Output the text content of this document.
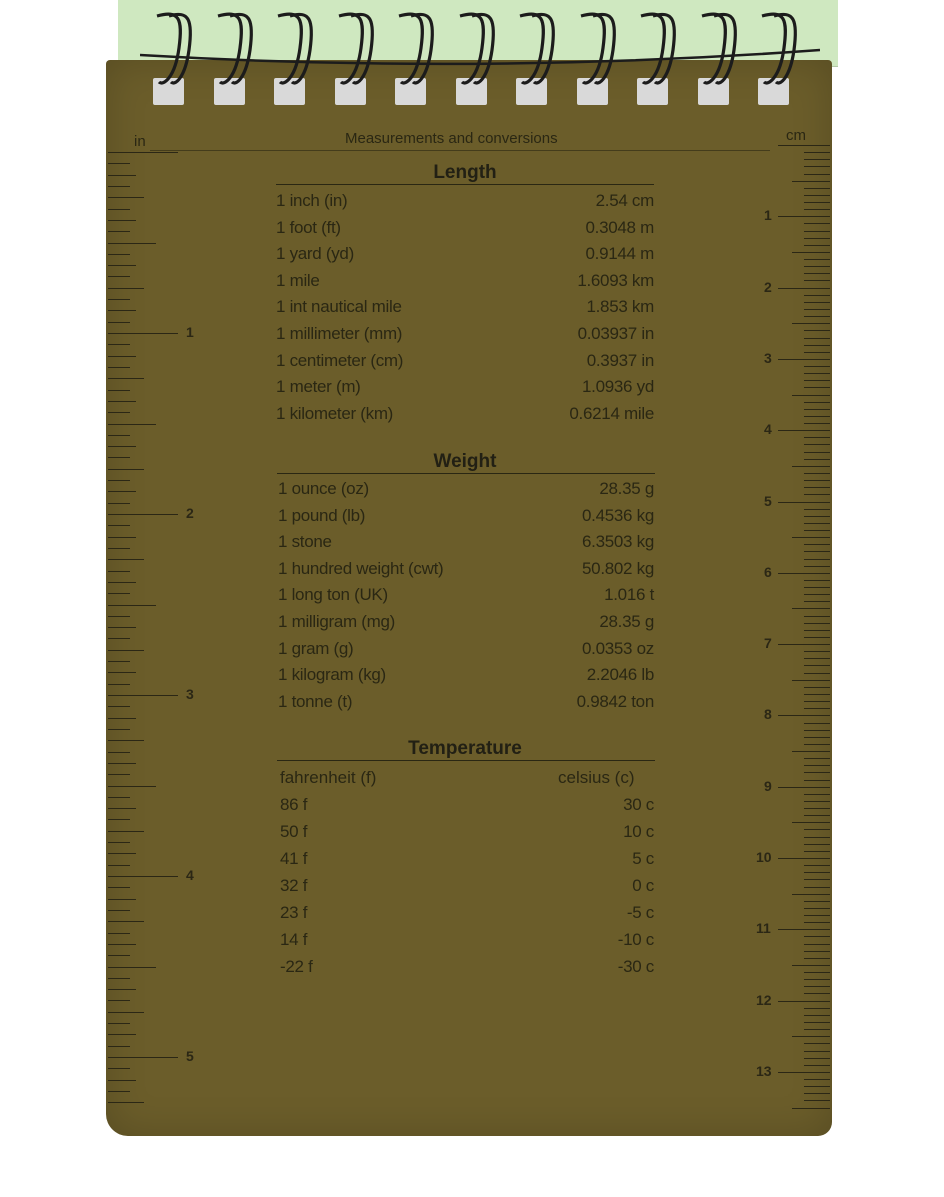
in	Measurements and conversions	cm
Length
1 inch (in)	2.54 cm
1 foot (ft)	0.3048 m
1 yard (yd)	0.9144 m
1 mile	1.6093 km
1 int nautical mile	1.853 km
1 millimeter (mm)	0.03937 in
1 centimeter (cm)	0.3937 in
1 meter (m)	1.0936 yd
1 kilometer (km)	0.6214 mile
Weight
1 ounce (oz)	28.35 g
1 pound (lb)	0.4536 kg
1 stone	6.3503 kg
1 hundred weight (cwt)	50.802 kg
1 long ton (UK)	1.016 t
1 milligram (mg)	28.35 g
1 gram (g)	0.0353 oz
1 kilogram (kg)	2.2046 lb
1 tonne (t)	0.9842 ton
Temperature
fahrenheit (f)	celsius (c)
86 f	30 c
50 f	10 c
41 f	5 c
32 f	0 c
23 f	-5 c
14 f	-10 c
-22 f	-30 c
1
2
3
4
5
1
2
3
4
5
6
7
8
9
10
11
12
13
